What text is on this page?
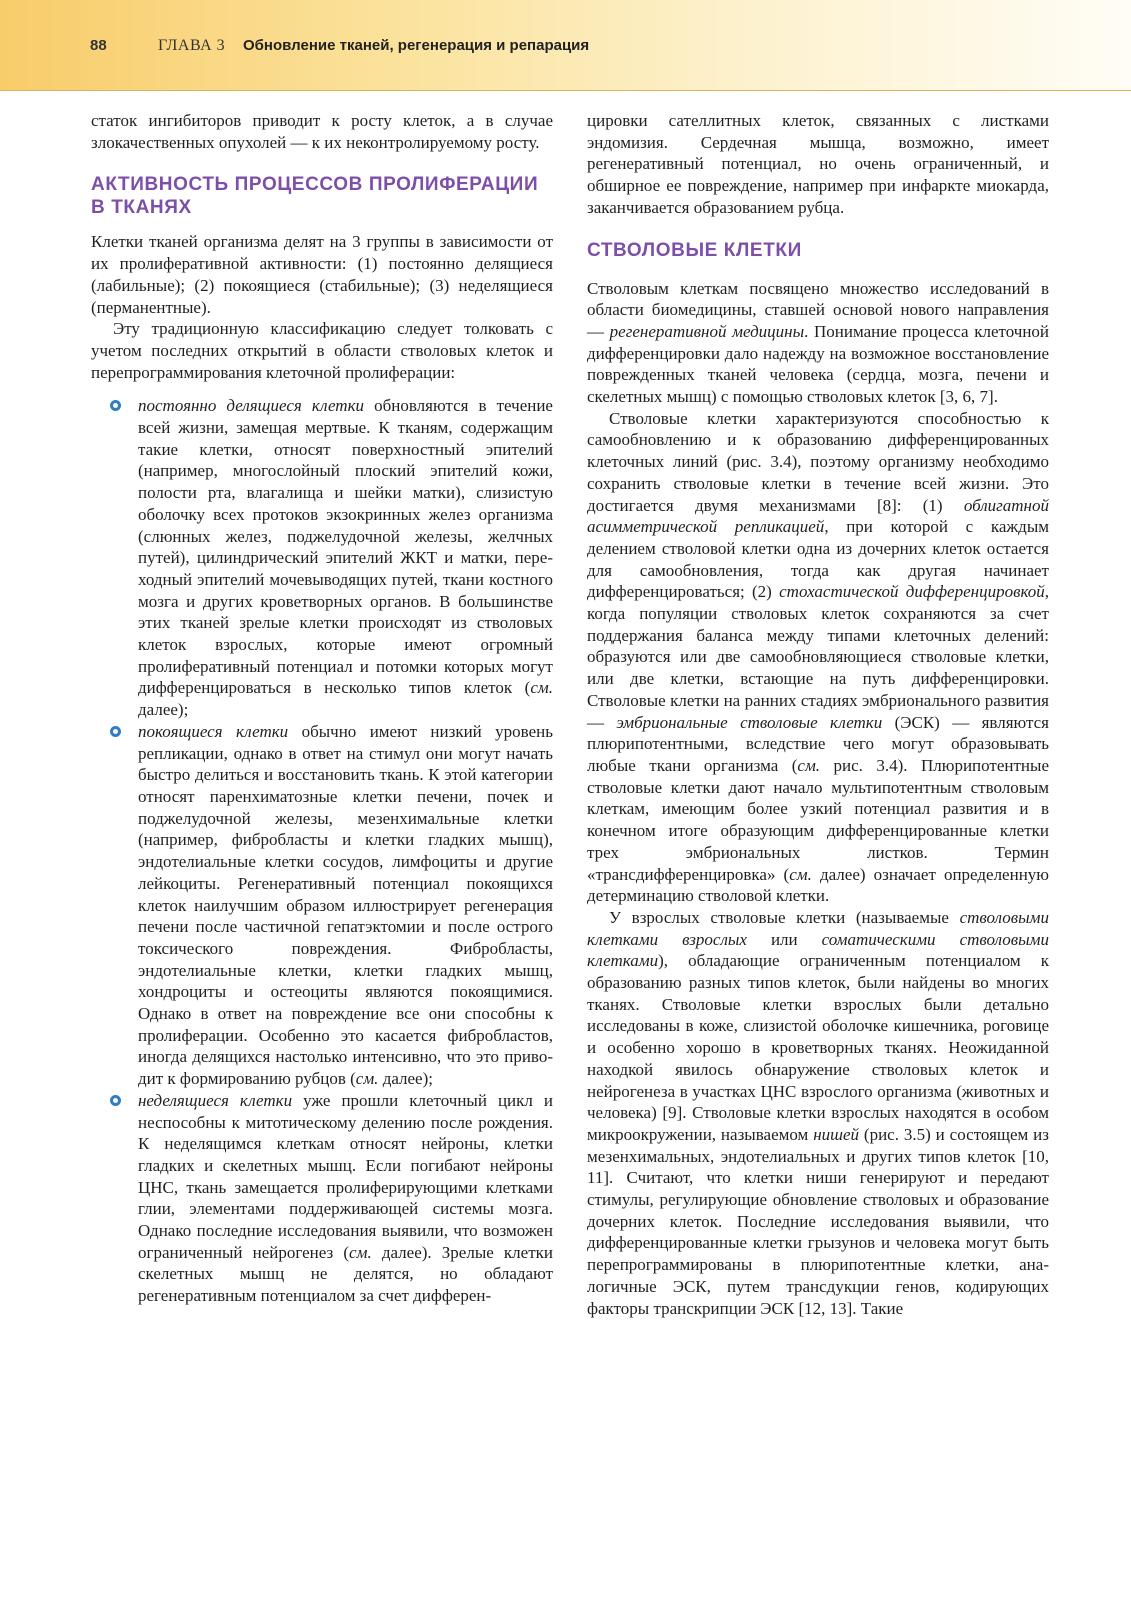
88	ГЛАВА 3 Обновление тканей, регенерация и репарация

статок ингибиторов приводит к росту клеток, а в случае злокачественных опухолей — к их неконтролируемому росту.

АКТИВНОСТЬ ПРОЦЕССОВ ПРОЛИФЕРАЦИИ В ТКАНЯХ

Клетки тканей организма делят на 3 группы в зависимости от их пролиферативной активности: (1) постоянно делящиеся (лабильные); (2) покоящиеся (стабильные); (3) неделящиеся (перманентные).

Эту традиционную классификацию следует толковать с учетом последних открытий в области стволовых клеток и перепрограммирования клеточной пролиферации:

постоянно делящиеся клетки обновляются в течение всей жизни, замещая мертвые. К тканям, содержащим такие клетки, относят поверхностный эпителий (например, многослойный плоский эпителий кожи, полости рта, влагалища и шейки матки), слизистую оболочку всех протоков экзокринных желез организма (слюнных желез, поджелудочной железы, желчных путей), цилиндрический эпителий ЖКТ и матки, переходный эпителий мочевыводящих путей, ткани костного мозга и других кроветворных органов. В большинстве этих тканей зрелые клетки происходят из стволовых клеток взрослых, которые имеют огромный пролиферативный потенциал и потомки которых могут дифференцироваться в несколько типов клеток (см. далее);

покоящиеся клетки обычно имеют низкий уровень репликации, однако в ответ на стимул они могут начать быстро делиться и восстановить ткань. К этой категории относят паренхиматозные клетки печени, почек и поджелудочной железы, мезенхимальные клетки (например, фибробласты и клетки гладких мышц), эндотелиальные клетки сосудов, лимфоциты и другие лейкоциты. Регенеративный потенциал покоящихся клеток наилучшим образом иллюстрирует регенерация печени после частичной гепатэктомии и после острого токсического повреждения. Фибробласты, эндотелиальные клетки, клетки гладких мышц, хондроциты и остеоциты являются покоящимися. Однако в ответ на повреждение все они способны к пролиферации. Особенно это касается фибробластов, иногда делящихся настолько интенсивно, что это приводит к формированию рубцов (см. далее);

неделящиеся клетки уже прошли клеточный цикл и неспособны к митотическому делению после рождения. К неделящимся клеткам относят нейроны, клетки гладких и скелетных мышц. Если погибают нейроны ЦНС, ткань замещается пролиферирующими клетками глии, элементами поддерживающей системы мозга. Однако последние исследования выявили, что возможен ограниченный нейрогенез (см. далее). Зрелые клетки скелетных мышц не делятся, но обладают регенеративным потенциалом за счет дифферен-

цировки сателлитных клеток, связанных с листками эндомизия. Сердечная мышца, возможно, имеет регенеративный потенциал, но очень ограниченный, и обширное ее повреждение, например при инфаркте миокарда, заканчивается образованием рубца.

СТВОЛОВЫЕ КЛЕТКИ

Стволовым клеткам посвящено множество исследований в области биомедицины, ставшей основой нового направления — регенеративной медицины. Понимание процесса клеточной дифференцировки дало надежду на возможное восстановление поврежденных тканей человека (сердца, мозга, печени и скелетных мышц) с помощью стволовых клеток [3, 6, 7].

Стволовые клетки характеризуются способностью к самообновлению и к образованию дифференцированных клеточных линий (рис. 3.4), поэтому организму необходимо сохранить стволовые клетки в течение всей жизни. Это достигается двумя механизмами [8]: (1) облигатной асимметрической репликацией, при которой с каждым делением стволовой клетки одна из дочерних клеток остается для самообновления, тогда как другая начинает дифференцироваться; (2) стохастической дифференцировкой, когда популяции стволовых клеток сохраняются за счет поддержания баланса между типами клеточных делений: образуются или две самообновляющиеся стволовые клетки, или две клетки, встающие на путь дифференцировки. Стволовые клетки на ранних стадиях эмбрионального развития — эмбриональные стволовые клетки (ЭСК) — являются плюрипотентными, вследствие чего могут образовывать любые ткани организма (см. рис. 3.4). Плюрипотентные стволовые клетки дают начало мультипотентным стволовым клеткам, имеющим более узкий потенциал развития и в конечном итоге образующим дифференцированные клетки трех эмбриональных листков. Термин «трансдифференцировка» (см. далее) означает определенную детерминацию стволовой клетки.

У взрослых стволовые клетки (называемые стволовыми клетками взрослых или соматическими стволовыми клетками), обладающие ограниченным потенциалом к образованию разных типов клеток, были найдены во многих тканях. Стволовые клетки взрослых были детально исследованы в коже, слизистой оболочке кишечника, роговице и особенно хорошо в кроветворных тканях. Неожиданной находкой явилось обнаружение стволовых клеток и нейрогенеза в участках ЦНС взрослого организма (животных и человека) [9]. Стволовые клетки взрослых находятся в особом микроокружении, называемом нишей (рис. 3.5) и состоящем из мезенхимальных, эндотелиальных и других типов клеток [10, 11]. Считают, что клетки ниши генерируют и передают стимулы, регулирующие обновление стволовых и образование дочерних клеток. Последние исследования выявили, что дифференцированные клетки грызунов и человека могут быть перепрограммированы в плюрипотентные клетки, аналогичные ЭСК, путем трансдукции генов, кодирующих факторы транскрипции ЭСК [12, 13]. Такие
